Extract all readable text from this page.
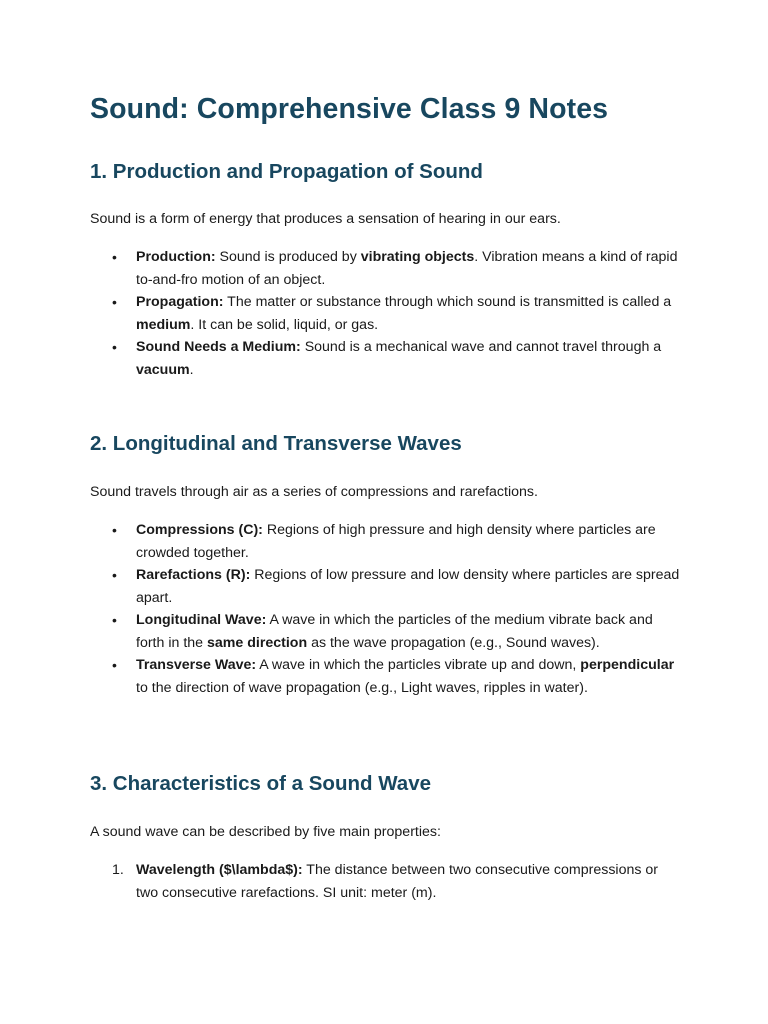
Sound: Comprehensive Class 9 Notes
1. Production and Propagation of Sound

Sound is a form of energy that produces a sensation of hearing in our ears.

•	Production: Sound is produced by vibrating objects. Vibration means a kind of rapid to-and-fro motion of an object.
•	Propagation: The matter or substance through which sound is transmitted is called a medium. It can be solid, liquid, or gas.
•	Sound Needs a Medium: Sound is a mechanical wave and cannot travel through a vacuum.
2. Longitudinal and Transverse Waves

Sound travels through air as a series of compressions and rarefactions.

•	Compressions (C): Regions of high pressure and high density where particles are crowded together.
•	Rarefactions (R): Regions of low pressure and low density where particles are spread apart.
•	Longitudinal Wave: A wave in which the particles of the medium vibrate back and forth in the same direction as the wave propagation (e.g., Sound waves).
•	Transverse Wave: A wave in which the particles vibrate up and down, perpendicular to the direction of wave propagation (e.g., Light waves, ripples in water).
3. Characteristics of a Sound Wave

A sound wave can be described by five main properties:

1. Wavelength ($\lambda$): The distance between two consecutive compressions or two consecutive rarefactions. SI unit: meter (m).
